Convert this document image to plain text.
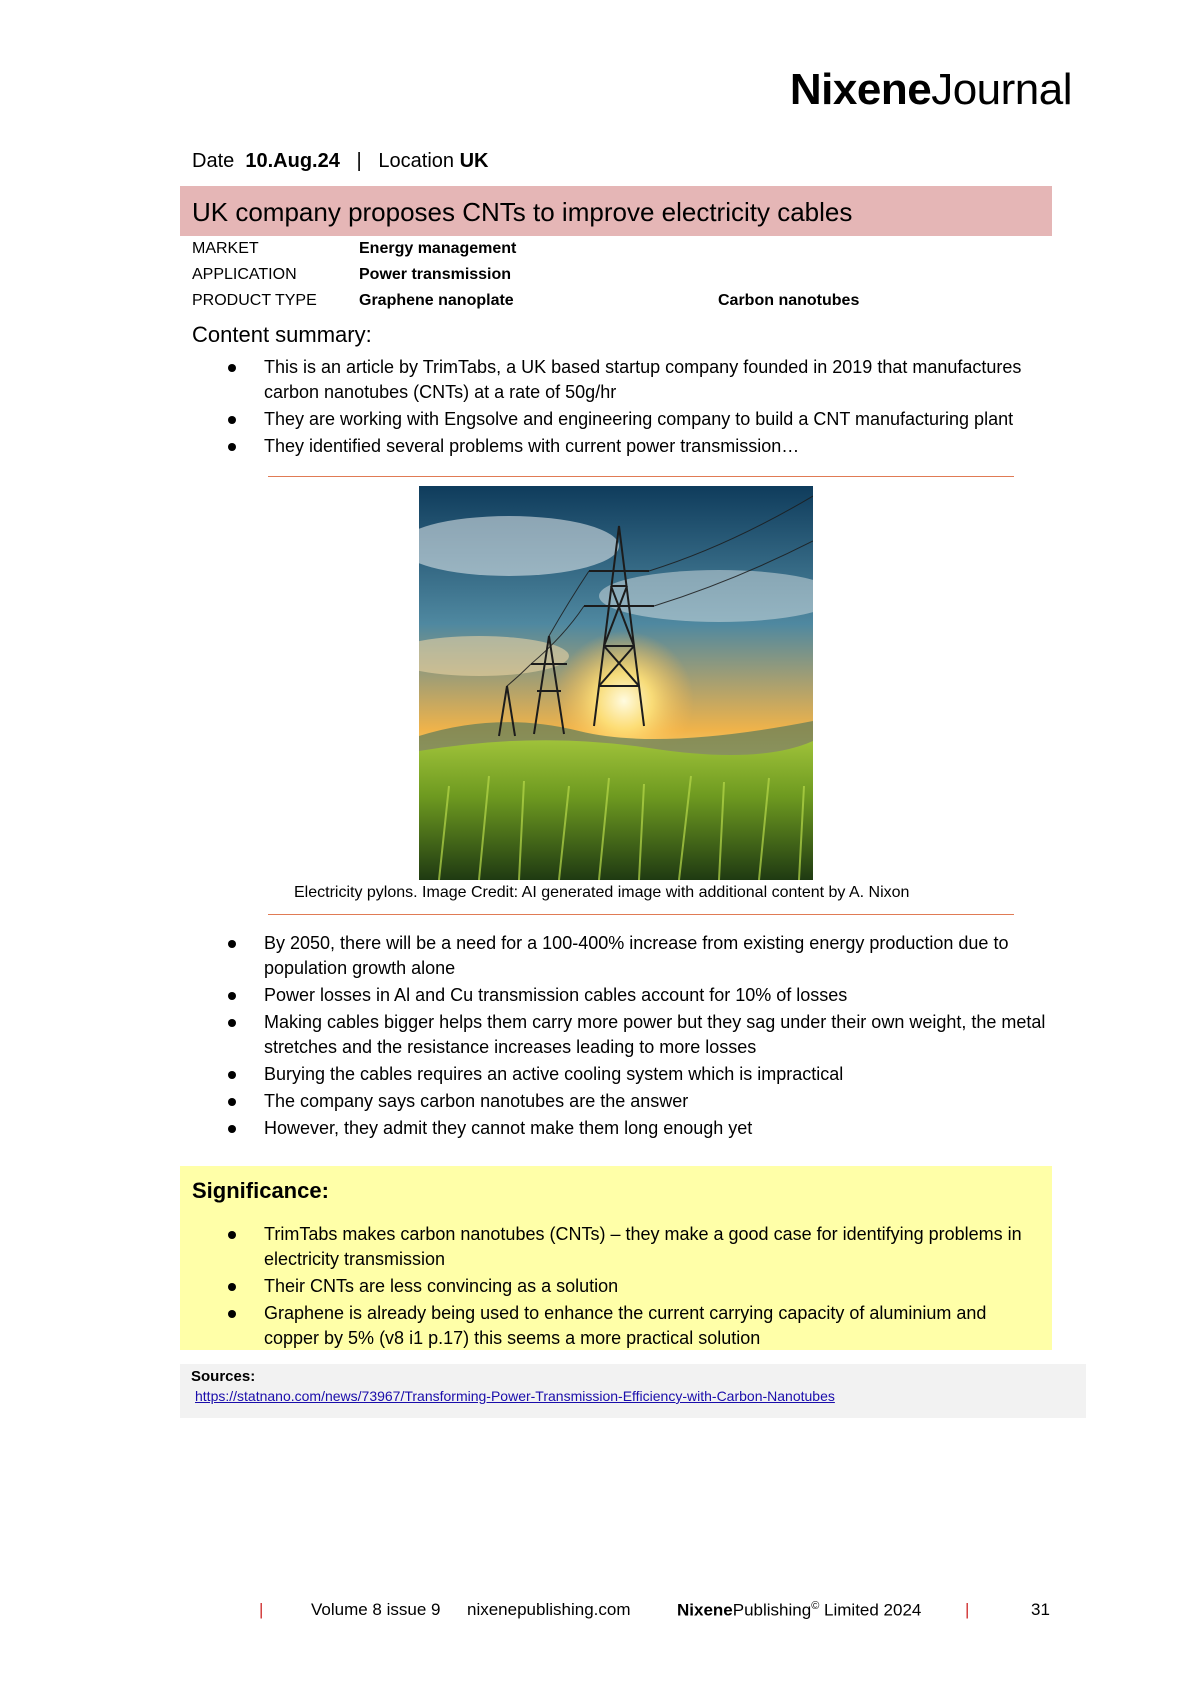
NixeneJournal
Date 10.Aug.24 | Location UK
UK company proposes CNTs to improve electricity cables
MARKET	Energy management
APPLICATION	Power transmission
PRODUCT TYPE	Graphene nanoplate	Carbon nanotubes
Content summary:
This is an article by TrimTabs, a UK based startup company founded in 2019 that manufactures carbon nanotubes (CNTs) at a rate of 50g/hr
They are working with Engsolve and engineering company to build a CNT manufacturing plant
They identified several problems with current power transmission…
Electricity pylons. Image Credit: AI generated image with additional content by A. Nixon
By 2050, there will be a need for a 100-400% increase from existing energy production due to population growth alone
Power losses in Al and Cu transmission cables account for 10% of losses
Making cables bigger helps them carry more power but they sag under their own weight, the metal stretches and the resistance increases leading to more losses
Burying the cables requires an active cooling system which is impractical
The company says carbon nanotubes are the answer
However, they admit they cannot make them long enough yet
Significance:
TrimTabs makes carbon nanotubes (CNTs) – they make a good case for identifying problems in electricity transmission
Their CNTs are less convincing as a solution
Graphene is already being used to enhance the current carrying capacity of aluminium and copper by 5% (v8 i1 p.17) this seems a more practical solution
Sources:
https://statnano.com/news/73967/Transforming-Power-Transmission-Efficiency-with-Carbon-Nanotubes
|	Volume 8 issue 9 nixenepublishing.com	NixenePublishing© Limited 2024	|	31
